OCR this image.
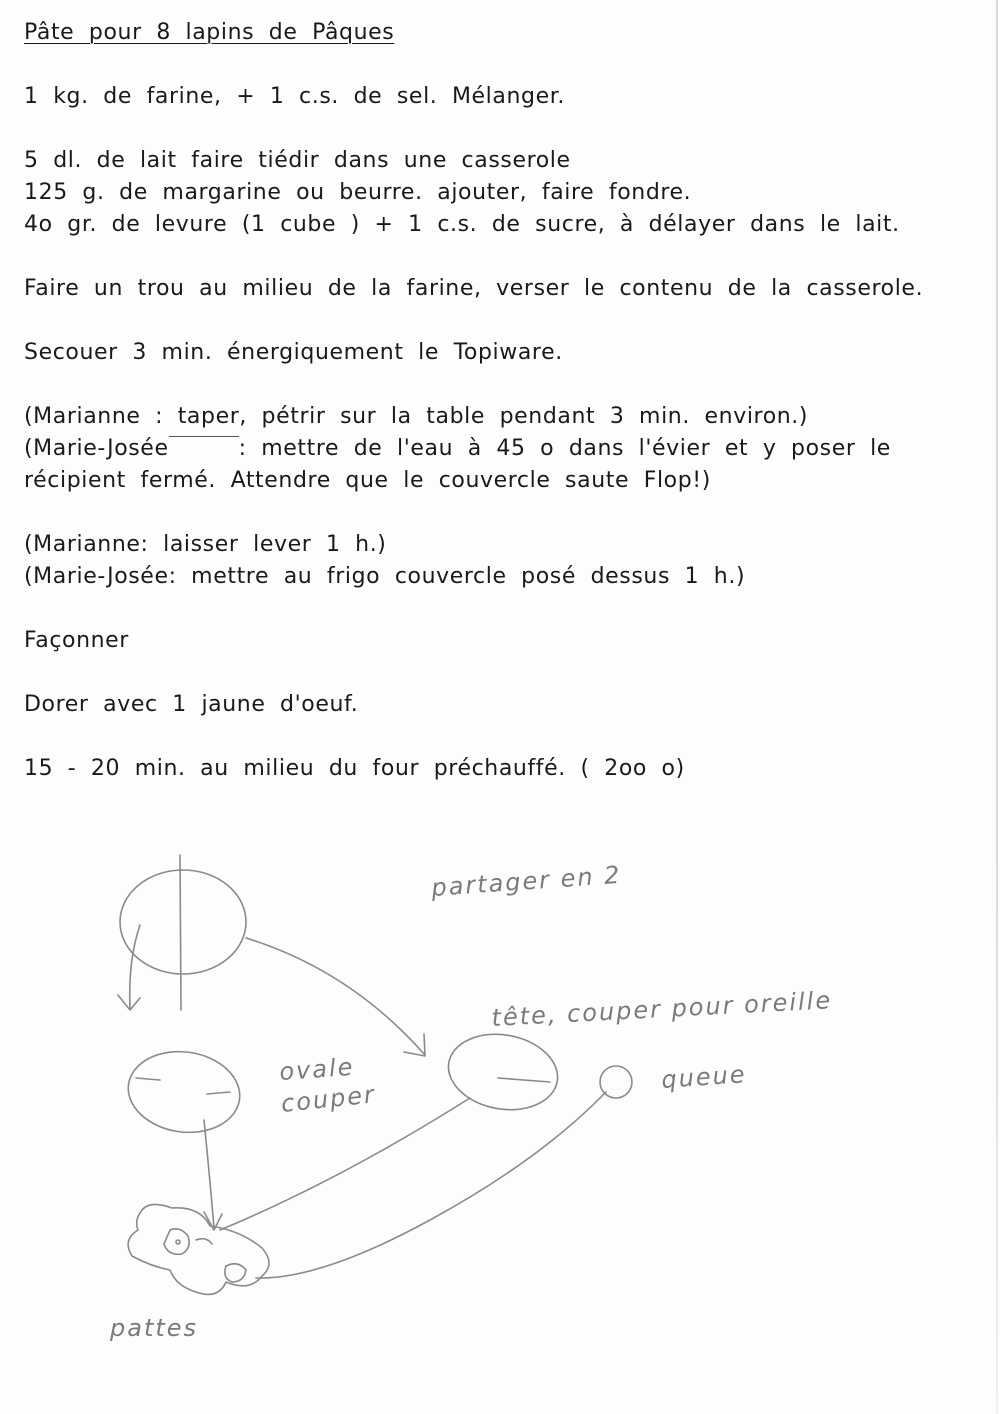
Pâte pour 8 lapins de Pâques
1 kg. de farine, + 1 c.s. de sel. Mélanger.
5 dl. de lait faire tiédir dans une casserole
125 g. de margarine ou beurre. ajouter, faire fondre.
4o gr. de levure (1 cube ) + 1 c.s. de sucre, à délayer dans le lait.
Faire un trou au milieu de la farine, verser le contenu de la casserole.
Secouer 3 min. énergiquement le Topiware.
(Marianne : taper, pétrir sur la table pendant 3 min. environ.)
(Marie-Josée	: mettre de l'eau à 45 o dans l'évier et y poser le
récipient fermé. Attendre que le couvercle saute Flop!)
(Marianne: laisser lever 1 h.)
(Marie-Josée: mettre au frigo couvercle posé dessus 1 h.)
Façonner
Dorer avec 1 jaune d'oeuf.
15 - 20 min. au milieu du four préchauffé. ( 2oo o)
partager en 2
tête, couper pour oreille
ovale
couper
queue
pattes
